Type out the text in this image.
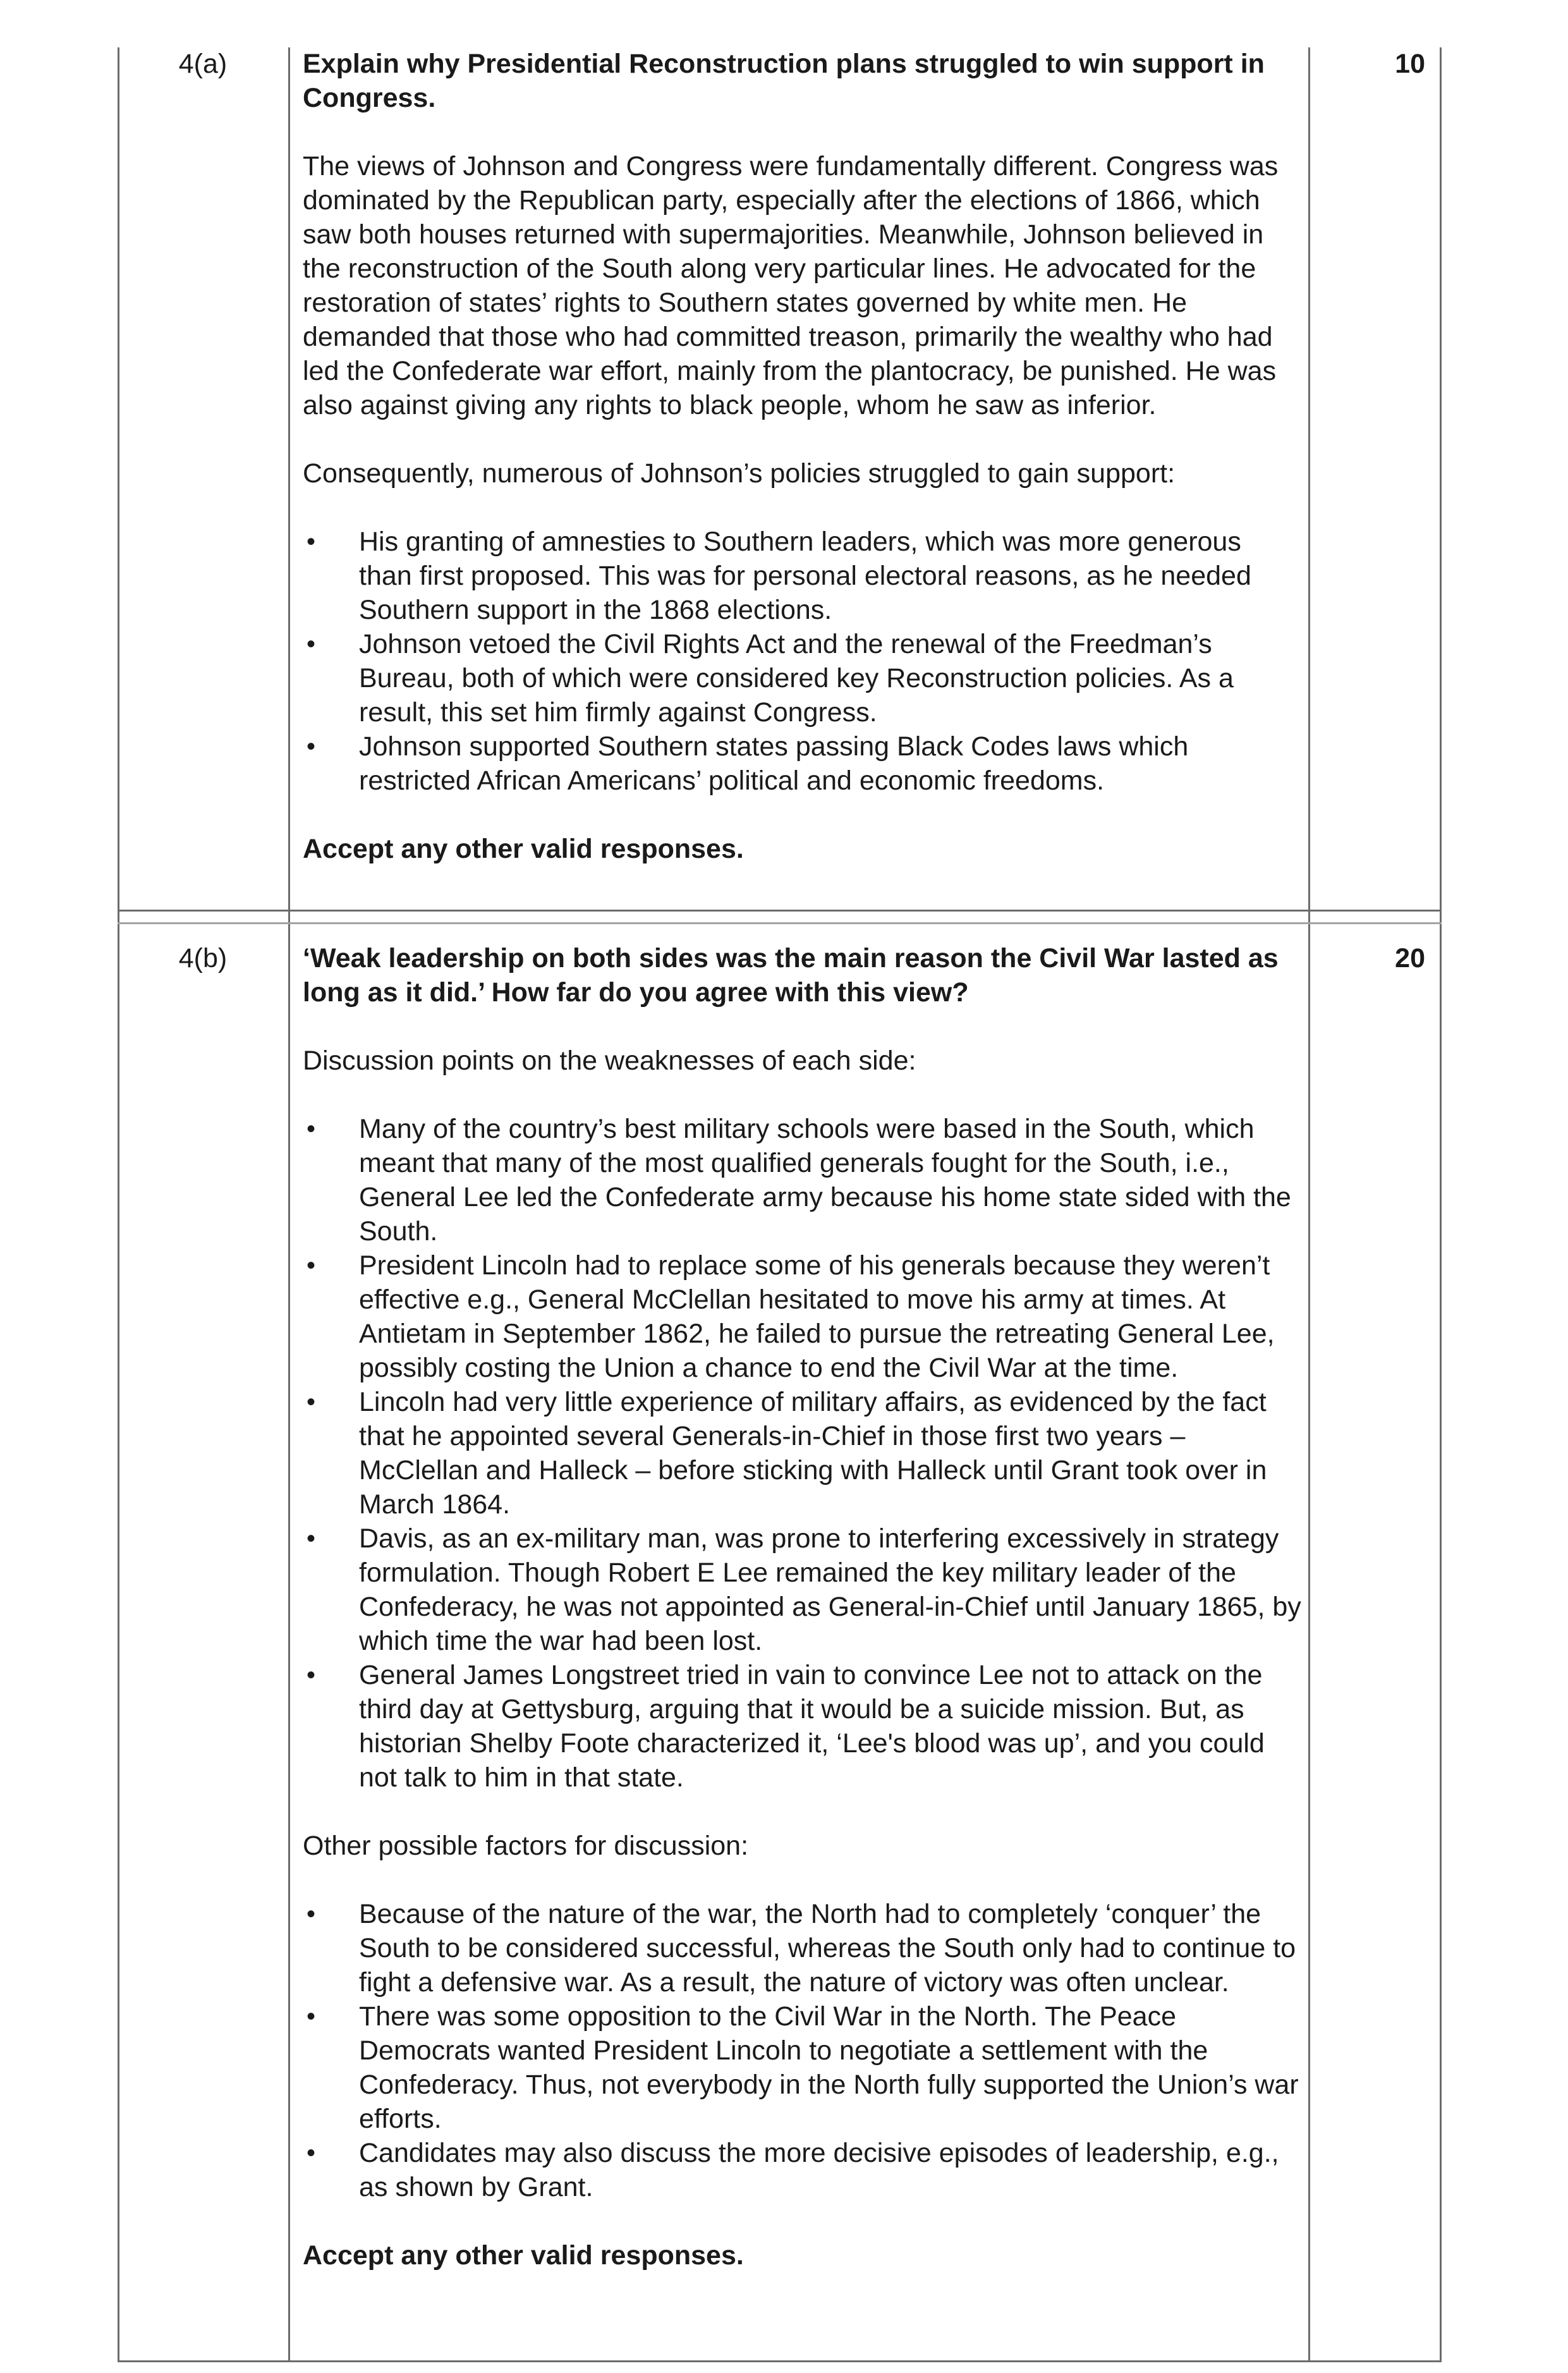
4(a)	10

Explain why Presidential Reconstruction plans struggled to win support in Congress.

The views of Johnson and Congress were fundamentally different. Congress was dominated by the Republican party, especially after the elections of 1866, which saw both houses returned with supermajorities. Meanwhile, Johnson believed in the reconstruction of the South along very particular lines. He advocated for the restoration of states’ rights to Southern states governed by white men. He demanded that those who had committed treason, primarily the wealthy who had led the Confederate war effort, mainly from the plantocracy, be punished. He was also against giving any rights to black people, whom he saw as inferior.

Consequently, numerous of Johnson’s policies struggled to gain support:

• His granting of amnesties to Southern leaders, which was more generous than first proposed. This was for personal electoral reasons, as he needed Southern support in the 1868 elections.
• Johnson vetoed the Civil Rights Act and the renewal of the Freedman’s Bureau, both of which were considered key Reconstruction policies. As a result, this set him firmly against Congress.
• Johnson supported Southern states passing Black Codes laws which restricted African Americans’ political and economic freedoms.

Accept any other valid responses.

4(b)	20

‘Weak leadership on both sides was the main reason the Civil War lasted as long as it did.’ How far do you agree with this view?

Discussion points on the weaknesses of each side:

• Many of the country’s best military schools were based in the South, which meant that many of the most qualified generals fought for the South, i.e., General Lee led the Confederate army because his home state sided with the South.
• President Lincoln had to replace some of his generals because they weren’t effective e.g., General McClellan hesitated to move his army at times. At Antietam in September 1862, he failed to pursue the retreating General Lee, possibly costing the Union a chance to end the Civil War at the time.
• Lincoln had very little experience of military affairs, as evidenced by the fact that he appointed several Generals-in-Chief in those first two years – McClellan and Halleck – before sticking with Halleck until Grant took over in March 1864.
• Davis, as an ex-military man, was prone to interfering excessively in strategy formulation. Though Robert E Lee remained the key military leader of the Confederacy, he was not appointed as General-in-Chief until January 1865, by which time the war had been lost.
• General James Longstreet tried in vain to convince Lee not to attack on the third day at Gettysburg, arguing that it would be a suicide mission. But, as historian Shelby Foote characterized it, ‘Lee's blood was up’, and you could not talk to him in that state.

Other possible factors for discussion:

• Because of the nature of the war, the North had to completely ‘conquer’ the South to be considered successful, whereas the South only had to continue to fight a defensive war. As a result, the nature of victory was often unclear.
• There was some opposition to the Civil War in the North. The Peace Democrats wanted President Lincoln to negotiate a settlement with the Confederacy. Thus, not everybody in the North fully supported the Union’s war efforts.
• Candidates may also discuss the more decisive episodes of leadership, e.g., as shown by Grant.

Accept any other valid responses.
